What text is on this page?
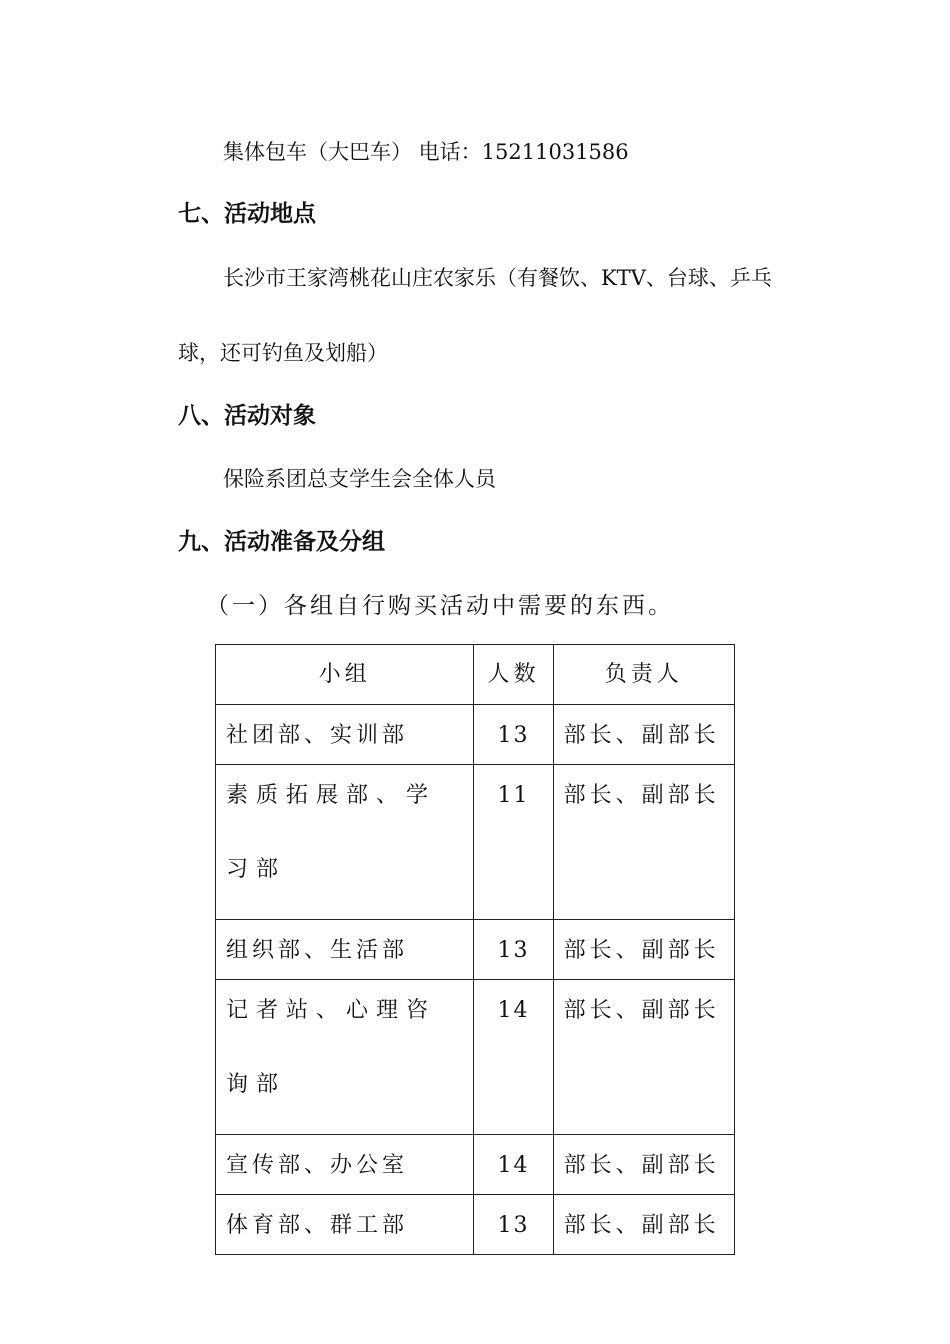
集体包车（大巴车） 电话：15211031586
七、活动地点
长沙市王家湾桃花山庄农家乐（有餐饮、KTV、台球、乒乓
球，还可钓鱼及划船）
八、活动对象
保险系团总支学生会全体人员
九、活动准备及分组
（一）各组自行购买活动中需要的东西。
小组	人数	负责人

社团部、实训部	13	部长、副部长

素质拓展部、学习部	11	部长、副部长

组织部、生活部	13	部长、副部长

记者站、心理咨询部	14	部长、副部长

宣传部、办公室	14	部长、副部长

体育部、群工部	13	部长、副部长
